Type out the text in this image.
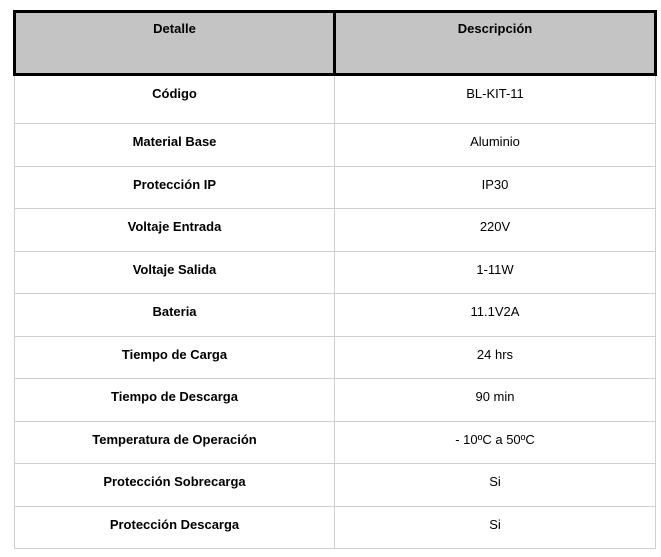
Detalle	Descripción
Código	BL-KIT-11
Material Base	Aluminio
Protección IP	IP30
Voltaje Entrada	220V
Voltaje Salida	1-11W
Bateria	11.1V2A
Tiempo de Carga	24 hrs
Tiempo de Descarga	90 min
Temperatura de Operación	- 10ºC a 50ºC
Protección Sobrecarga	Si
Protección Descarga	Si
